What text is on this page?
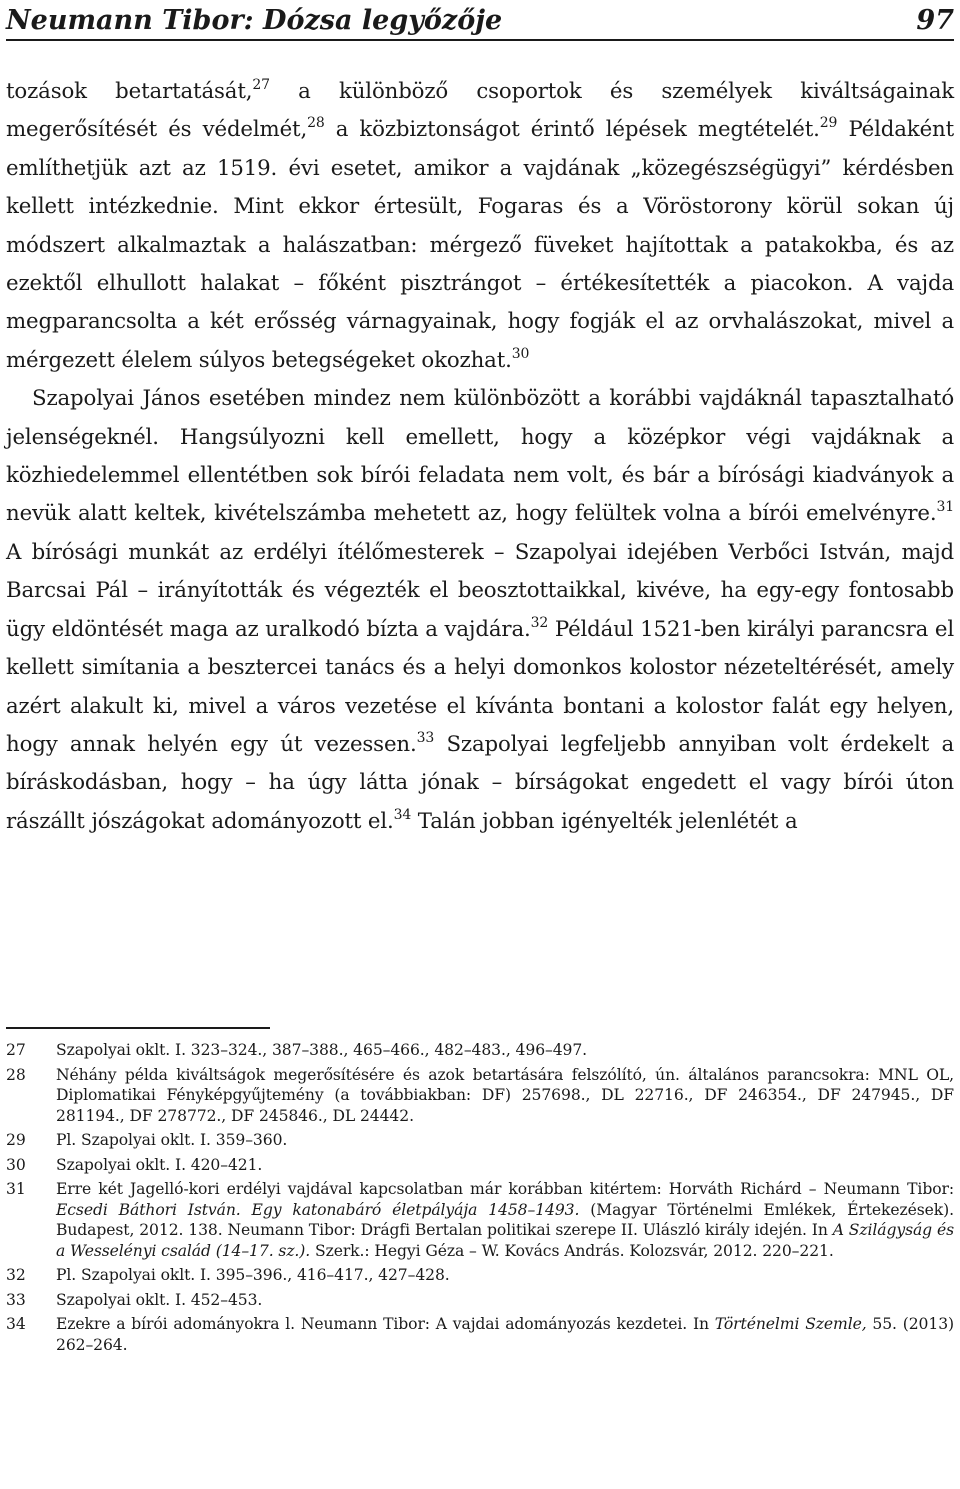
Neumann Tibor: Dózsa legyőzője	97

tozások betartatását,$^{27}$ a különböző csoportok és személyek kiváltságainak megerősítését és védelmét,$^{28}$ a közbiztonságot érintő lépések megtételét.$^{29}$ Példaként említhetjük azt az 1519. évi esetet, amikor a vajdának „közegészségügyi” kérdésben kellett intézkednie. Mint ekkor értesült, Fogaras és a Vöröstorony körül sokan új módszert alkalmaztak a halászatban: mérgező füveket hajítottak a patakokba, és az ezektől elhullott halakat – főként pisztrángot – értékesítették a piacokon. A vajda megparancsolta a két erősség várnagyainak, hogy fogják el az orvhalászokat, mivel a mérgezett élelem súlyos betegségeket okozhat.$^{30}$

Szapolyai János esetében mindez nem különbözött a korábbi vajdáknál tapasztalható jelenségeknél. Hangsúlyozni kell emellett, hogy a középkor végi vajdáknak a közhiedelemmel ellentétben sok bírói feladata nem volt, és bár a bírósági kiadványok a nevük alatt keltek, kivételszámba mehetett az, hogy felültek volna a bírói emelvényre.$^{31}$ A bírósági munkát az erdélyi ítélőmesterek – Szapolyai idejében Verbőci István, majd Barcsai Pál – irányították és végezték el beosztottaikkal, kivéve, ha egy-egy fontosabb ügy eldöntését maga az uralkodó bízta a vajdára.$^{32}$ Például 1521-ben királyi parancsra el kellett simítania a besztercei tanács és a helyi domonkos kolostor nézeteltérését, amely azért alakult ki, mivel a város vezetése el kívánta bontani a kolostor falát egy helyen, hogy annak helyén egy út vezessen.$^{33}$ Szapolyai legfeljebb annyiban volt érdekelt a bíráskodásban, hogy – ha úgy látta jónak – bírságokat engedett el vagy bírói úton rászállt jószágokat adományozott el.$^{34}$ Talán jobban igényelték jelenlétét a

27	Szapolyai oklt. I. 323–324., 387–388., 465–466., 482–483., 496–497.
28	Néhány példa kiváltságok megerősítésére és azok betartására felszólító, ún. általános parancsokra: MNL OL, Diplomatikai Fényképgyűjtemény (a továbbiakban: DF) 257698., DL 22716., DF 246354., DF 247945., DF 281194., DF 278772., DF 245846., DL 24442.
29	Pl. Szapolyai oklt. I. 359–360.
30	Szapolyai oklt. I. 420–421.
31	Erre két Jagelló-kori erdélyi vajdával kapcsolatban már korábban kitértem: Horváth Richárd – Neumann Tibor: Ecsedi Báthori István. Egy katonabáró életpályája 1458–1493. (Magyar Történelmi Emlékek, Értekezések). Budapest, 2012. 138. Neumann Tibor: Drágfi Bertalan politikai szerepe II. Ulászló király idején. In A Szilágyság és a Wesselényi család (14–17. sz.). Szerk.: Hegyi Géza – W. Kovács András. Kolozsvár, 2012. 220–221.
32	Pl. Szapolyai oklt. I. 395–396., 416–417., 427–428.
33	Szapolyai oklt. I. 452–453.
34	Ezekre a bírói adományokra l. Neumann Tibor: A vajdai adományozás kezdetei. In Történelmi Szemle, 55. (2013) 262–264.
